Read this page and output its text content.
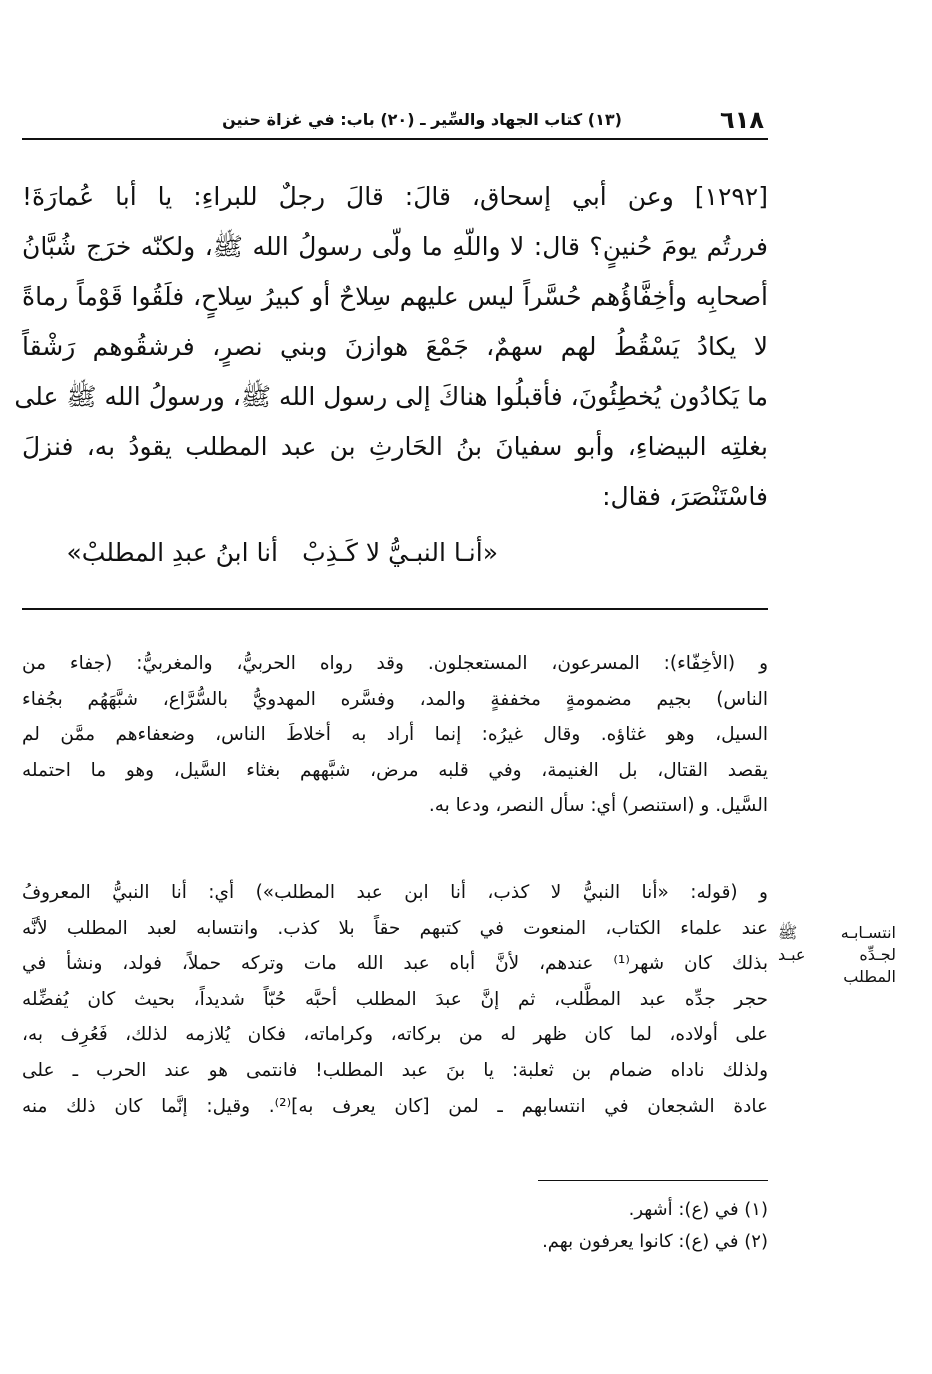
٦١٨
(١٣) كتاب الجهاد والسِّير ـ (٢٠) باب: في غزاة حنين
[١٢٩٢] وعن أبي إسحاق، قالَ: قالَ رجلٌ للبراءِ: يا أبا عُمارَةَ!
فررتُم يومَ حُنينٍ؟ قال: لا واللّهِ ما ولّى رسولُ الله ﷺ، ولكنّه خرَج شُبَّانُ
أصحابِه وأخِفَّاؤُهم حُسَّراً ليس عليهم سِلاحٌ أو كبيرُ سِلاحٍ، فلَقُوا قَوْماً رماةً
لا يكادُ يَسْقُطُ لهم سهمٌ، جَمْعَ هوازنَ وبني نصرٍ، فرشقُوهم رَشْقاً
ما يَكادُون يُخطِئُونَ، فأقبلُوا هناكَ إلى رسول الله ﷺ، ورسولُ الله ﷺ على
بغلتِه البيضاءِ، وأبو سفيانَ بنُ الحَارثِ بن عبد المطلب يقودُ به، فنزلَ
فاسْتَنْصَرَ، فقال:
«أنـا النبـيُّ لا كَـذِبْ
أنا ابنُ عبدِ المطلبْ»
و (الأخِفّاء): المسرعون، المستعجلون. وقد رواه الحربيُّ، والمغربيُّ: (جفاء من
الناس) بجيم مضمومةٍ مخففةٍ والمد، وفسَّره المهدويُّ بالسُّرَّاع، شبَّهَهُم بجُفاء
السيل، وهو غثاؤه. وقال غيرُه: إنما أراد به أخلاطَ الناس، وضعفاءهم ممَّن لم
يقصد القتال، بل الغنيمة، وفي قلبه مرض، شبَّههم بغثاء السَّيل، وهو ما احتمله
السَّيل. و (استنصر) أي: سأل النصر، ودعا به.
و (قوله: «أنا النبيُّ لا كذب، أنا ابن عبد المطلب») أي: أنا النبيُّ المعروفُ
عند علماء الكتاب، المنعوت في كتبهم حقاً بلا كذب. وانتسابه لعبد المطلب لأنَّه
بذلك كان شهر⁽¹⁾ عندهم، لأنَّ أباه عبد الله مات وتركه حملاً، فولد، ونشأ في
حجر جدِّه عبد المطَّلب، ثم إنَّ عبدَ المطلب أحبَّه حُبّاً شديداً، بحيث كان يُفضِّله
على أولاده، لما كان ظهر له من بركاته، وكراماته، فكان يُلازمه لذلك، فَعُرِف به،
ولذلك ناداه ضمام بن ثعلبة: يا بنَ عبد المطلب! فانتمى هو عند الحرب ـ على
عادة الشجعان في انتسابهم ـ لمن [كان يعرف به]⁽²⁾. وقيل: إنَّما كان ذلك منه
انتسـابـه ﷺ
لجـدِّه عبـد
المطلب
(١) في (ع): أشهر.
(٢) في (ع): كانوا يعرفون بهم.
